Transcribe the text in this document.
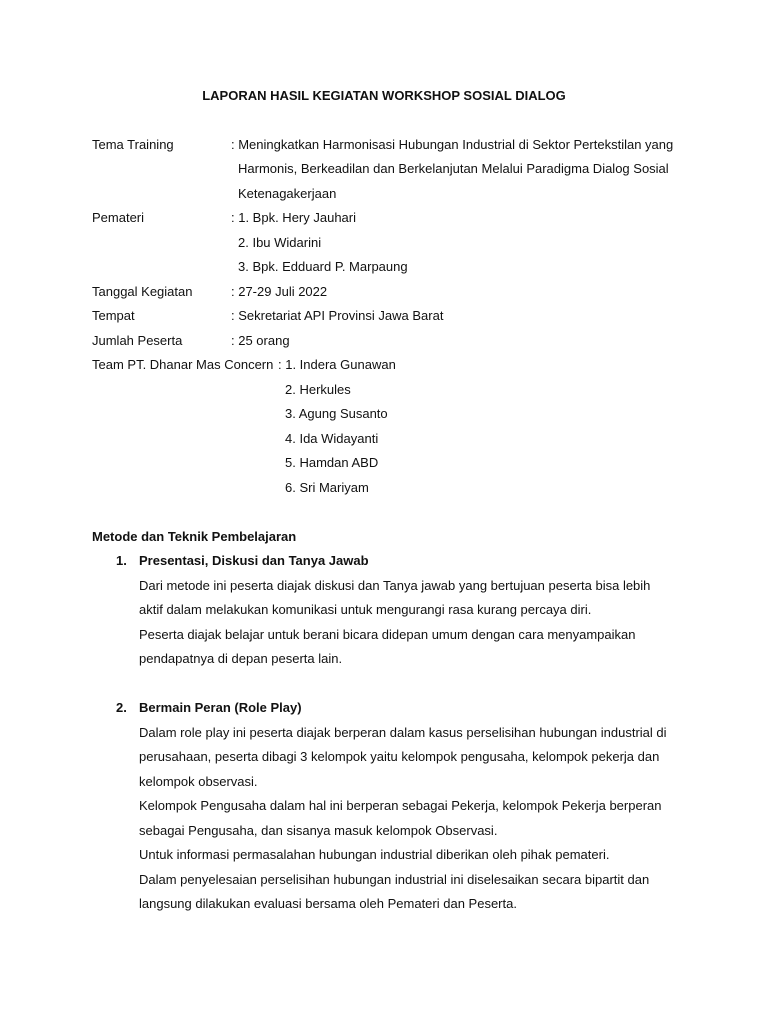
LAPORAN HASIL KEGIATAN WORKSHOP SOSIAL DIALOG
Tema Training	: Meningkatkan Harmonisasi Hubungan Industrial di Sektor Pertekstilan yang
Harmonis, Berkeadilan dan Berkelanjutan Melalui Paradigma Dialog Sosial
Ketenagakerjaan
Pemateri	: 1. Bpk. Hery Jauhari
2. Ibu Widarini
3. Bpk. Edduard P. Marpaung
Tanggal Kegiatan	: 27-29 Juli 2022
Tempat	: Sekretariat API Provinsi Jawa Barat
Jumlah Peserta	: 25 orang
Team PT. Dhanar Mas Concern : 1. Indera Gunawan
2. Herkules
3. Agung Susanto
4. Ida Widayanti
5. Hamdan ABD
6. Sri Mariyam
Metode dan Teknik Pembelajaran
1. Presentasi, Diskusi dan Tanya Jawab
Dari metode ini peserta diajak diskusi dan Tanya jawab yang bertujuan peserta bisa lebih
aktif dalam melakukan komunikasi untuk mengurangi rasa kurang percaya diri.
Peserta diajak belajar untuk berani bicara didepan umum dengan cara menyampaikan
pendapatnya di depan peserta lain.
2. Bermain Peran (Role Play)
Dalam role play ini peserta diajak berperan dalam kasus perselisihan hubungan industrial di
perusahaan, peserta dibagi 3 kelompok yaitu kelompok pengusaha, kelompok pekerja dan
kelompok observasi.
Kelompok Pengusaha dalam hal ini berperan sebagai Pekerja, kelompok Pekerja berperan
sebagai Pengusaha, dan sisanya masuk kelompok Observasi.
Untuk informasi permasalahan hubungan industrial diberikan oleh pihak pemateri.
Dalam penyelesaian perselisihan hubungan industrial ini diselesaikan secara bipartit dan
langsung dilakukan evaluasi bersama oleh Pemateri dan Peserta.
